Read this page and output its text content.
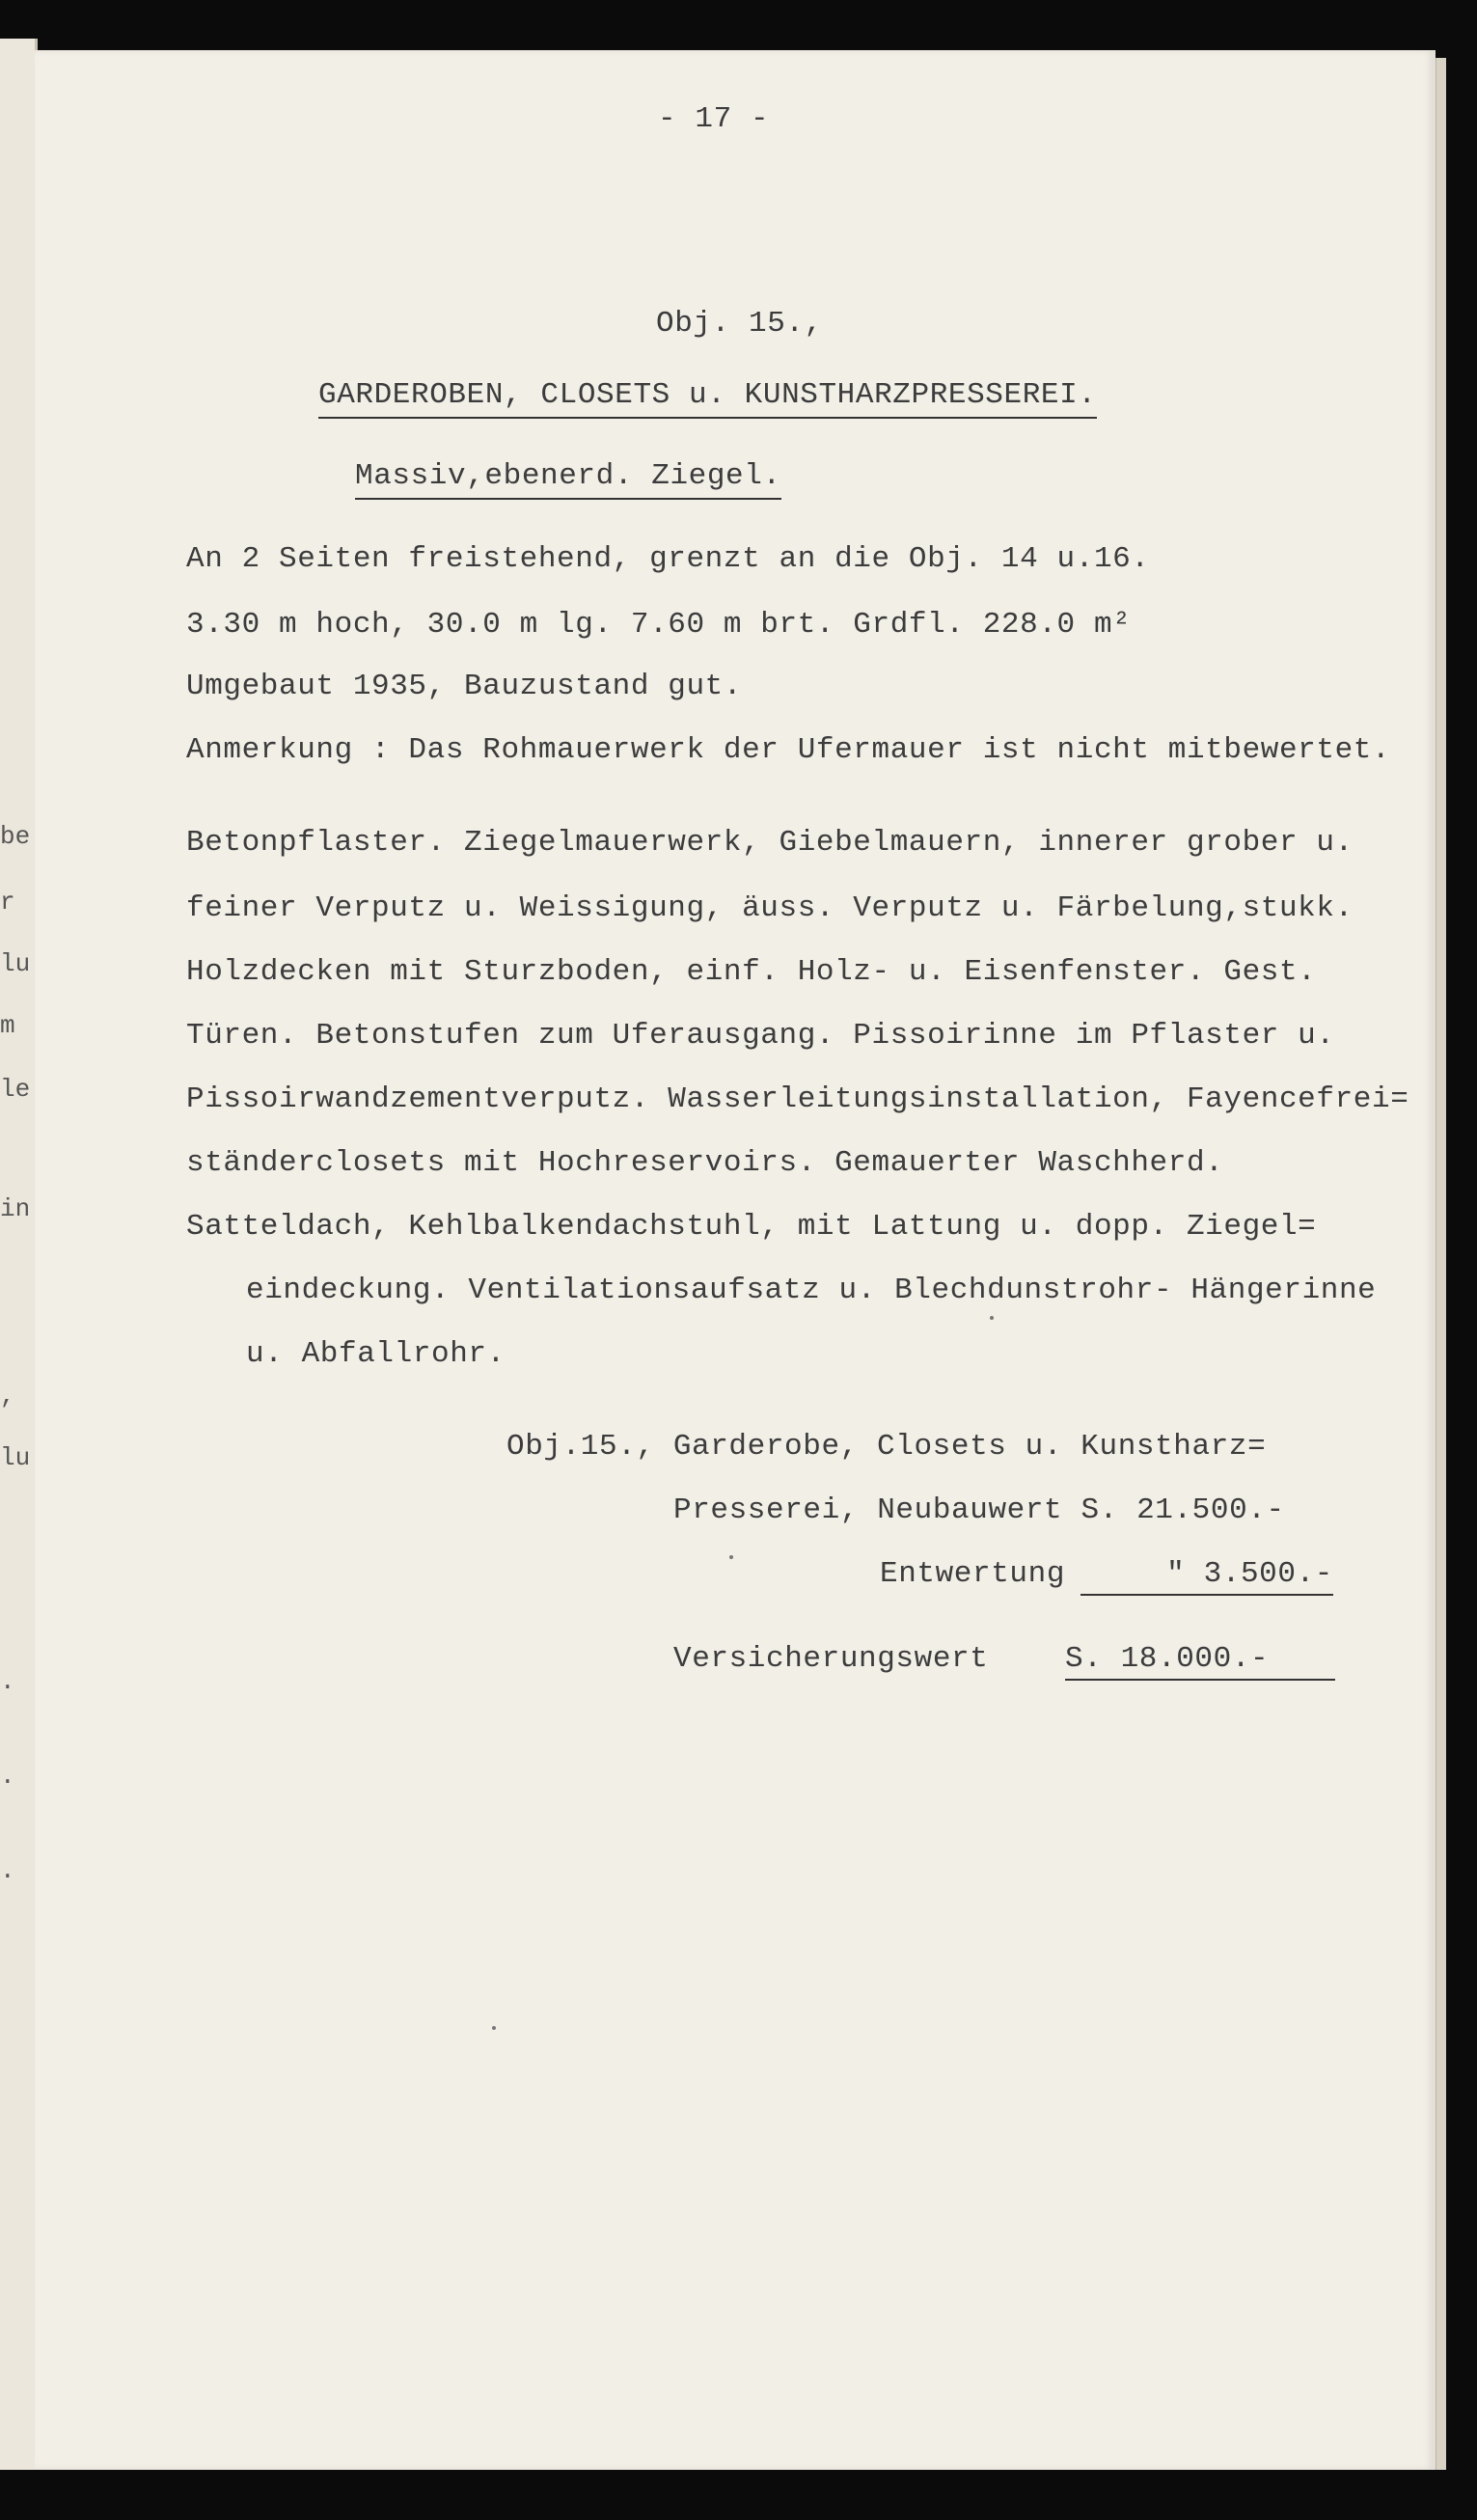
be
r
lu
m
le
in
,
lu
.
.
.
- 17 -
Obj. 15.,
GARDEROBEN, CLOSETS u. KUNSTHARZPRESSEREI.
Massiv,ebenerd. Ziegel.
An 2 Seiten freistehend, grenzt an die Obj. 14 u.16.
3.30 m hoch, 30.0 m lg. 7.60 m brt. Grdfl. 228.0 m²
Umgebaut 1935, Bauzustand gut.
Anmerkung : Das Rohmauerwerk der Ufermauer ist nicht mitbewertet.
Betonpflaster. Ziegelmauerwerk, Giebelmauern, innerer grober u.
feiner Verputz u. Weissigung, äuss. Verputz u. Färbelung,stukk.
Holzdecken mit Sturzboden, einf. Holz- u. Eisenfenster. Gest.
Türen. Betonstufen zum Uferausgang. Pissoirinne im Pflaster u.
Pissoirwandzementverputz. Wasserleitungsinstallation, Fayencefrei=
ständerclosets mit Hochreservoirs. Gemauerter Waschherd.
Satteldach, Kehlbalkendachstuhl, mit Lattung u. dopp. Ziegel=
eindeckung. Ventilationsaufsatz u. Blechdunstrohr- Hängerinne
u. Abfallrohr.
Obj.15., Garderobe, Closets u. Kunstharz=
Presserei, Neubauwert S. 21.500.-
Entwertung	" 3.500.-
Versicherungswert	S. 18.000.-
